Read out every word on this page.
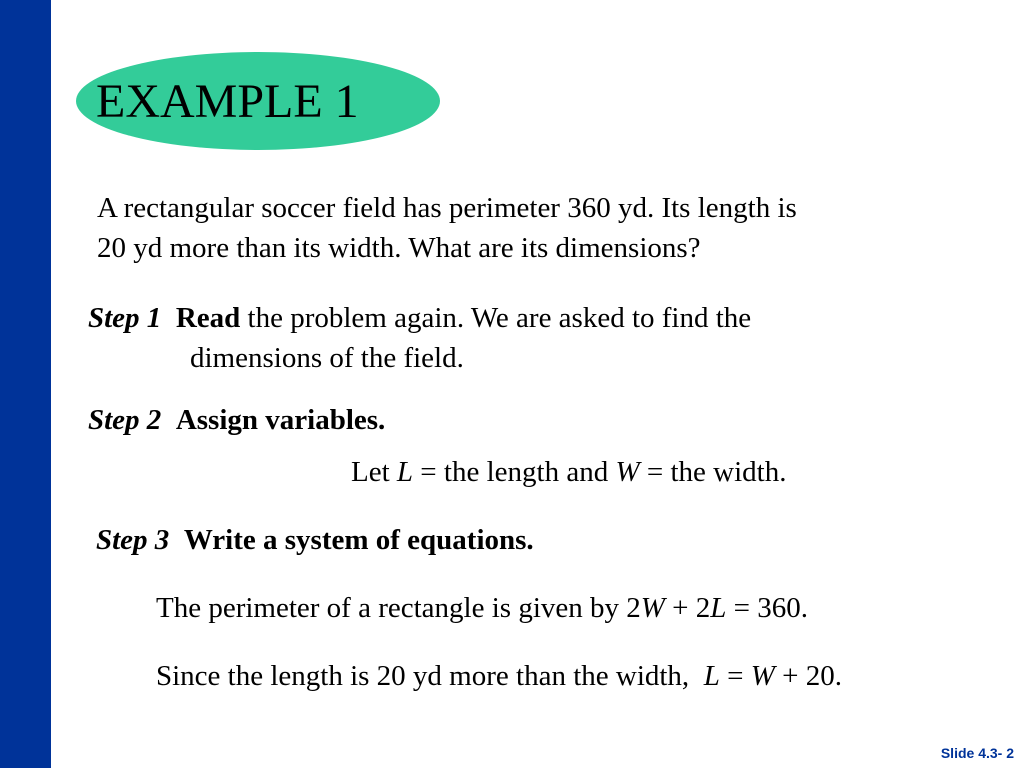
EXAMPLE 1
A rectangular soccer field has perimeter 360 yd. Its length is
20 yd more than its width. What are its dimensions?
Step 1 Read the problem again. We are asked to find the
dimensions of the field.
Step 2 Assign variables.
Let L = the length and W = the width.
Step 3 Write a system of equations.
The perimeter of a rectangle is given by 2W + 2L = 360.
Since the length is 20 yd more than the width,  L = W + 20.
Slide 4.3- 2
